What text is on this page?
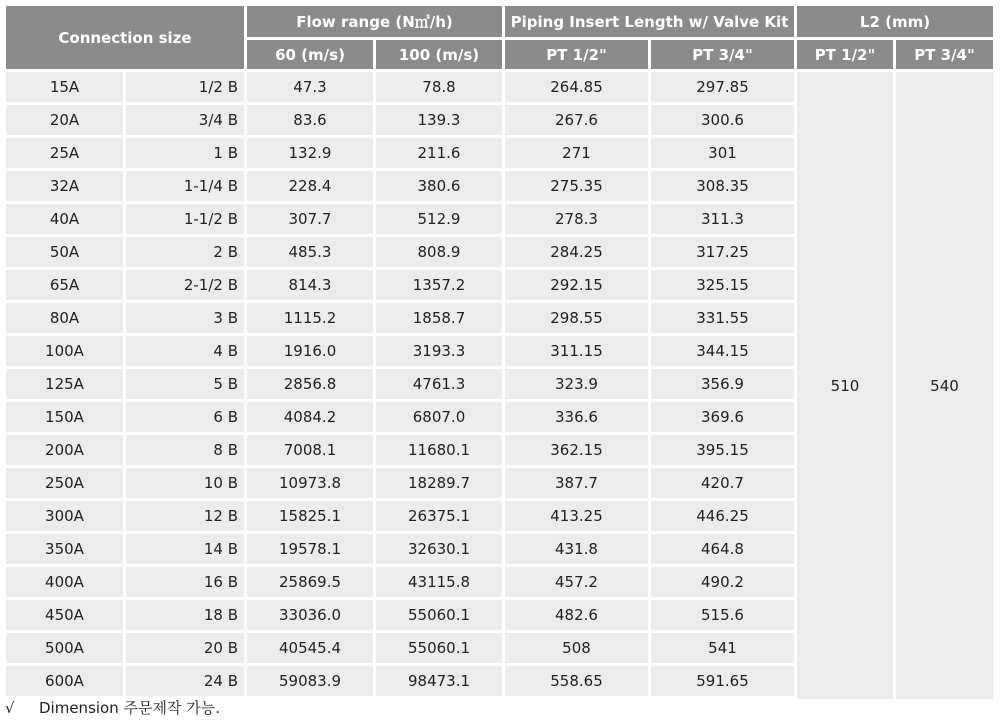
Connection size		Flow range (N㎥/h)		Piping Insert Length w/ Valve Kit		L2 (mm)	
		60 (m/s)	100 (m/s)	PT 1/2"	PT 3/4"	PT 1/2"	PT 3/4"
15A	1/2 B	47.3	78.8	264.85	297.85	510	540
20A	3/4 B	83.6	139.3	267.6	300.6		
25A	1 B	132.9	211.6	271	301		
32A	1-1/4 B	228.4	380.6	275.35	308.35		
40A	1-1/2 B	307.7	512.9	278.3	311.3		
50A	2 B	485.3	808.9	284.25	317.25		
65A	2-1/2 B	814.3	1357.2	292.15	325.15		
80A	3 B	1115.2	1858.7	298.55	331.55		
100A	4 B	1916.0	3193.3	311.15	344.15		
125A	5 B	2856.8	4761.3	323.9	356.9		
150A	6 B	4084.2	6807.0	336.6	369.6		
200A	8 B	7008.1	11680.1	362.15	395.15		
250A	10 B	10973.8	18289.7	387.7	420.7		
300A	12 B	15825.1	26375.1	413.25	446.25		
350A	14 B	19578.1	32630.1	431.8	464.8		
400A	16 B	25869.5	43115.8	457.2	490.2		
450A	18 B	33036.0	55060.1	482.6	515.6		
500A	20 B	40545.4	55060.1	508	541		
600A	24 B	59083.9	98473.1	558.65	591.65		
√ Dimension 주문제작 가능.
